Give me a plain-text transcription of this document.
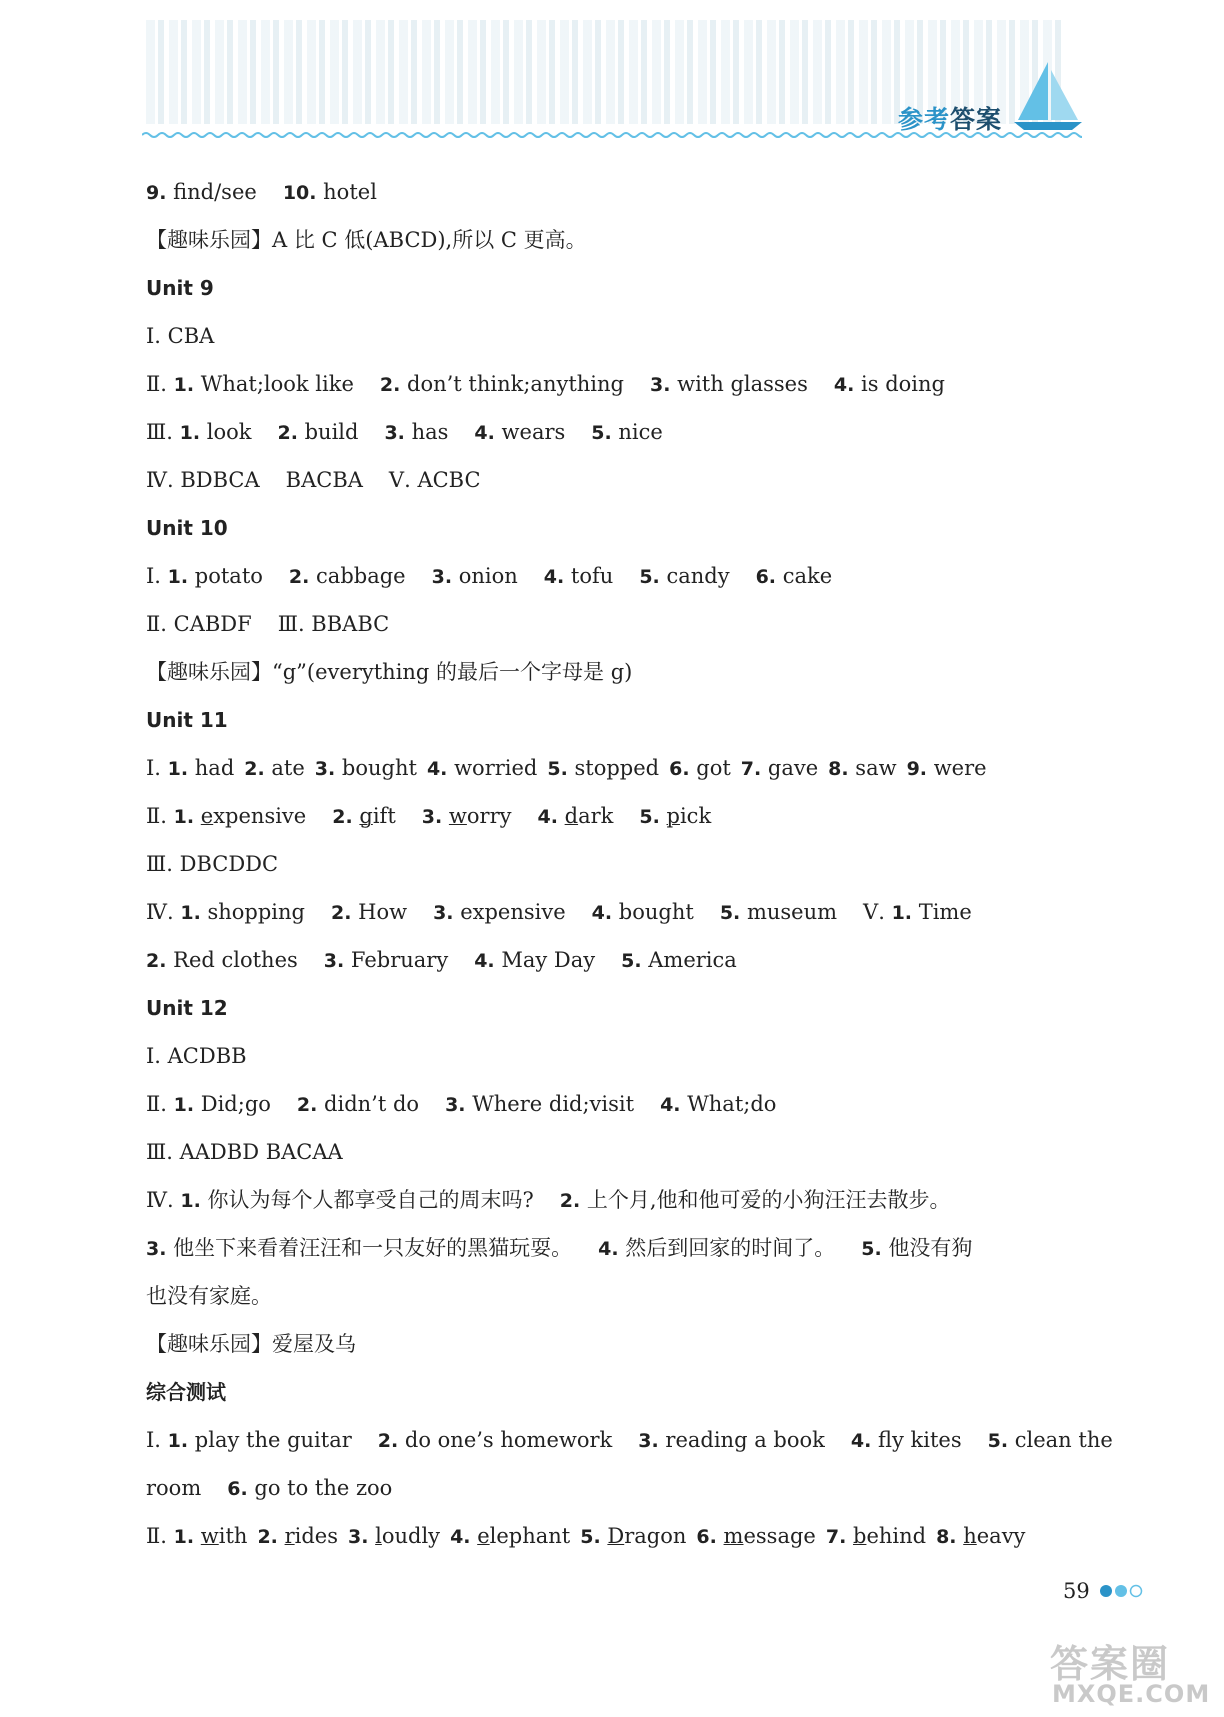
参考答案
9. find/see 10. hotel
【趣味乐园】A 比 C 低(ABCD),所以 C 更高。
Unit 9
Ⅰ. CBA
Ⅱ. 1. What;look like 2. don’t think;anything 3. with glasses 4. is doing
Ⅲ. 1. look 2. build 3. has 4. wears 5. nice
Ⅳ. BDBCA BACBA Ⅴ. ACBC
Unit 10
Ⅰ. 1. potato 2. cabbage 3. onion 4. tofu 5. candy 6. cake
Ⅱ. CABDF Ⅲ. BBABC
【趣味乐园】“g”(everything 的最后一个字母是 g)
Unit 11
Ⅰ. 1. had 2. ate 3. bought 4. worried 5. stopped 6. got 7. gave 8. saw 9. were
Ⅱ. 1. expensive 2. gift 3. worry 4. dark 5. pick
Ⅲ. DBCDDC
Ⅳ. 1. shopping 2. How 3. expensive 4. bought 5. museum Ⅴ. 1. Time
2. Red clothes 3. February 4. May Day 5. America
Unit 12
Ⅰ. ACDBB
Ⅱ. 1. Did;go 2. didn’t do 3. Where did;visit 4. What;do
Ⅲ. AADBD BACAA
Ⅳ. 1. 你认为每个人都享受自己的周末吗? 2. 上个月,他和他可爱的小狗汪汪去散步。
3. 他坐下来看着汪汪和一只友好的黑猫玩耍。 4. 然后到回家的时间了。 5. 他没有狗
也没有家庭。
【趣味乐园】爱屋及乌
综合测试
Ⅰ. 1. play the guitar 2. do one’s homework 3. reading a book 4. fly kites 5. clean the
room 6. go to the zoo
Ⅱ. 1. with 2. rides 3. loudly 4. elephant 5. Dragon 6. message 7. behind 8. heavy
59
答案圈
MXQE.COM
